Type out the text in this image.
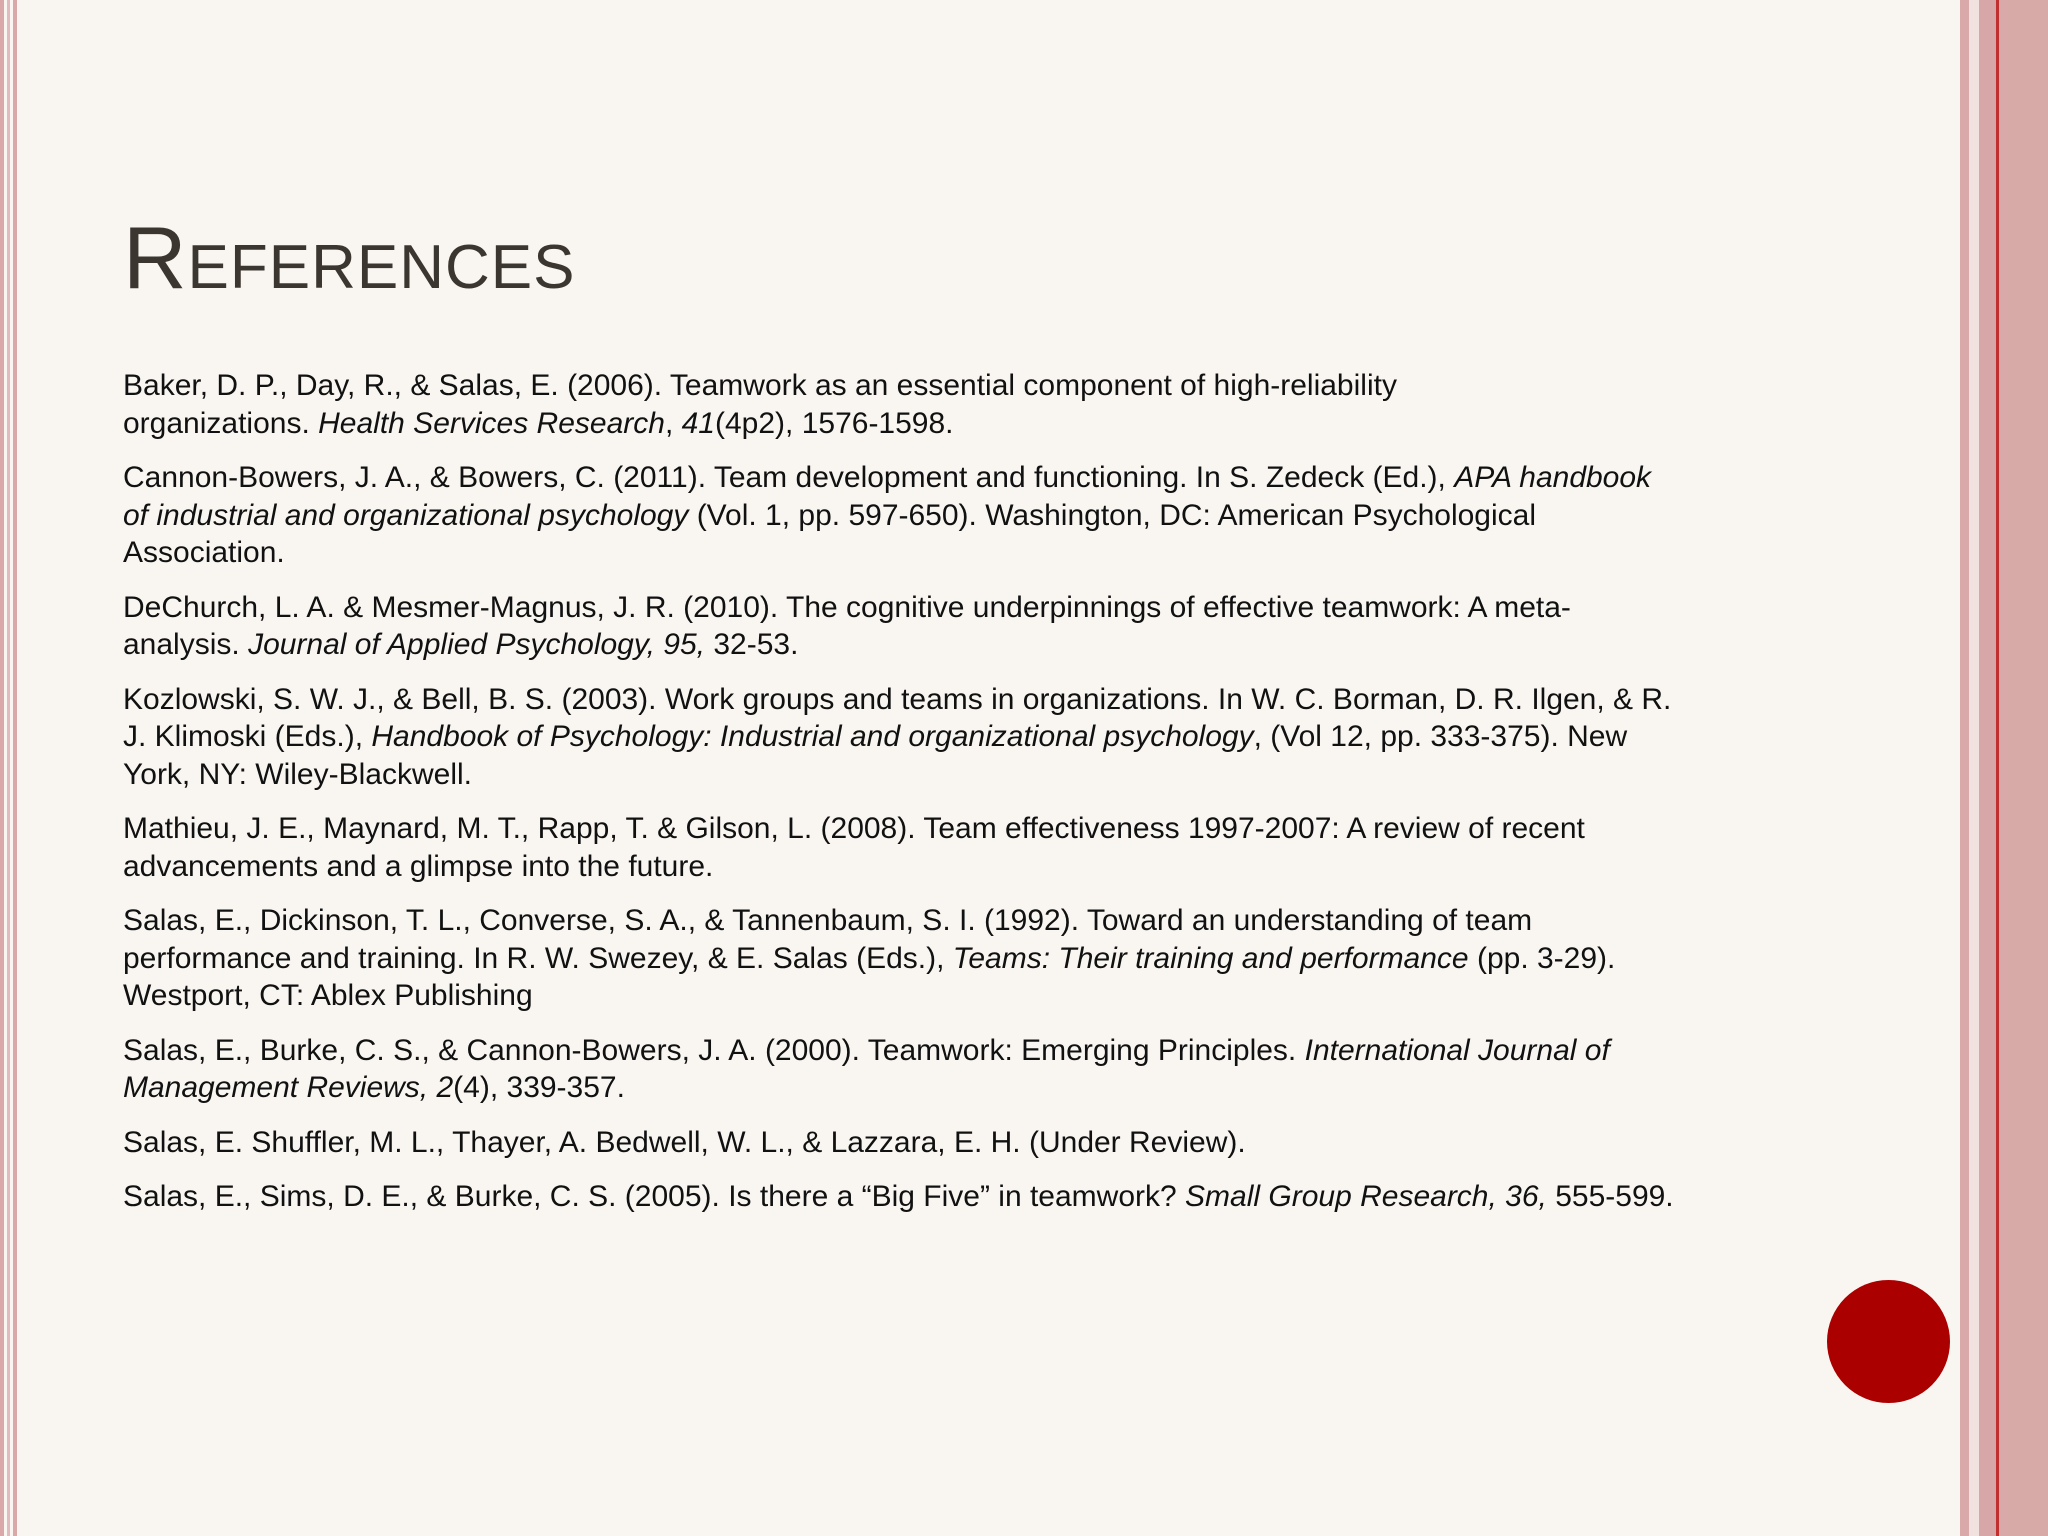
References
Baker, D. P., Day, R., & Salas, E. (2006). Teamwork as an essential component of high-reliability
organizations. Health Services Research, 41(4p2), 1576-1598.
Cannon-Bowers, J. A., & Bowers, C. (2011). Team development and functioning. In S. Zedeck (Ed.), APA handbook
of industrial and organizational psychology (Vol. 1, pp. 597-650). Washington, DC: American Psychological
Association.
DeChurch, L. A. & Mesmer-Magnus, J. R. (2010). The cognitive underpinnings of effective teamwork: A meta-
analysis. Journal of Applied Psychology, 95, 32-53.
Kozlowski, S. W. J., & Bell, B. S. (2003). Work groups and teams in organizations. In W. C. Borman, D. R. Ilgen, & R.
J. Klimoski (Eds.), Handbook of Psychology: Industrial and organizational psychology, (Vol 12, pp. 333-375). New
York, NY: Wiley-Blackwell.
Mathieu, J. E., Maynard, M. T., Rapp, T. & Gilson, L. (2008). Team effectiveness 1997-2007: A review of recent
advancements and a glimpse into the future.
Salas, E., Dickinson, T. L., Converse, S. A., & Tannenbaum, S. I. (1992). Toward an understanding of team
performance and training. In R. W. Swezey, & E. Salas (Eds.), Teams: Their training and performance (pp. 3-29).
Westport, CT: Ablex Publishing
Salas, E., Burke, C. S., & Cannon-Bowers, J. A. (2000). Teamwork: Emerging Principles. International Journal of
Management Reviews, 2(4), 339-357.
Salas, E. Shuffler, M. L., Thayer, A. Bedwell, W. L., & Lazzara, E. H. (Under Review).
Salas, E., Sims, D. E., & Burke, C. S. (2005). Is there a “Big Five” in teamwork? Small Group Research, 36, 555-599.
